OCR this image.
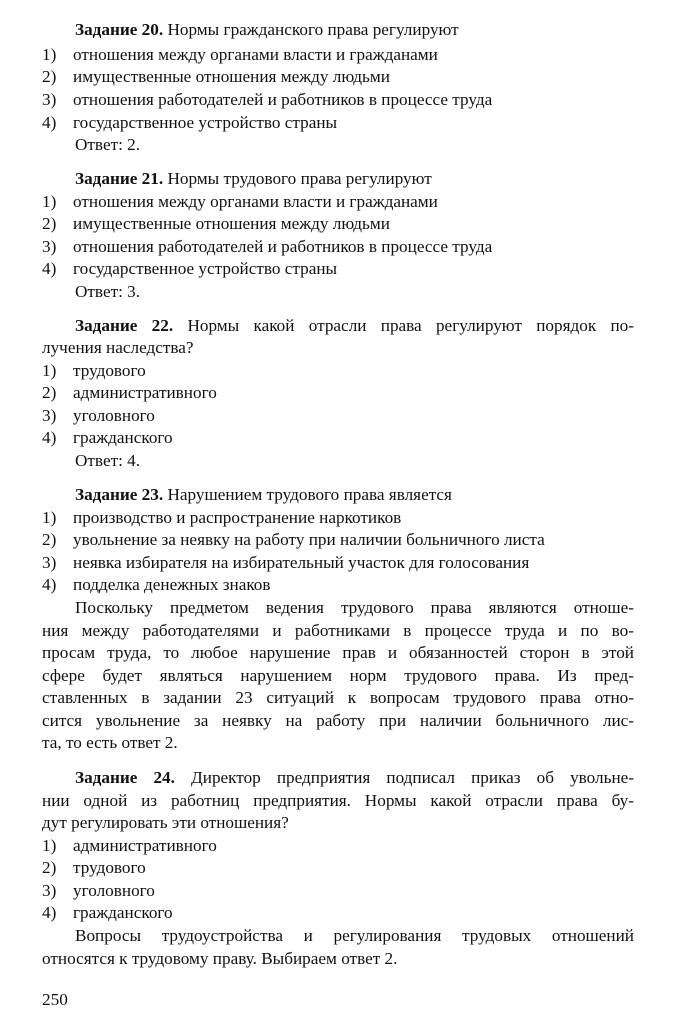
Задание 20. Нормы гражданского права регулируют
1) отношения между органами власти и гражданами
2) имущественные отношения между людьми
3) отношения работодателей и работников в процессе труда
4) государственное устройство страны
Ответ: 2.
Задание 21. Нормы трудового права регулируют
1) отношения между органами власти и гражданами
2) имущественные отношения между людьми
3) отношения работодателей и работников в процессе труда
4) государственное устройство страны
Ответ: 3.
Задание 22. Нормы какой отрасли права регулируют порядок по-
лучения наследства?
1) трудового
2) административного
3) уголовного
4) гражданского
Ответ: 4.
Задание 23. Нарушением трудового права является
1) производство и распространение наркотиков
2) увольнение за неявку на работу при наличии больничного листа
3) неявка избирателя на избирательный участок для голосования
4) подделка денежных знаков
Поскольку предметом ведения трудового права являются отноше-
ния между работодателями и работниками в процессе труда и по во-
просам труда, то любое нарушение прав и обязанностей сторон в этой
сфере будет являться нарушением норм трудового права. Из пред-
ставленных в задании 23 ситуаций к вопросам трудового права отно-
сится увольнение за неявку на работу при наличии больничного лис-
та, то есть ответ 2.
Задание 24. Директор предприятия подписал приказ об увольне-
нии одной из работниц предприятия. Нормы какой отрасли права бу-
дут регулировать эти отношения?
1) административного
2) трудового
3) уголовного
4) гражданского
Вопросы трудоустройства и регулирования трудовых отношений
относятся к трудовому праву. Выбираем ответ 2.
250
